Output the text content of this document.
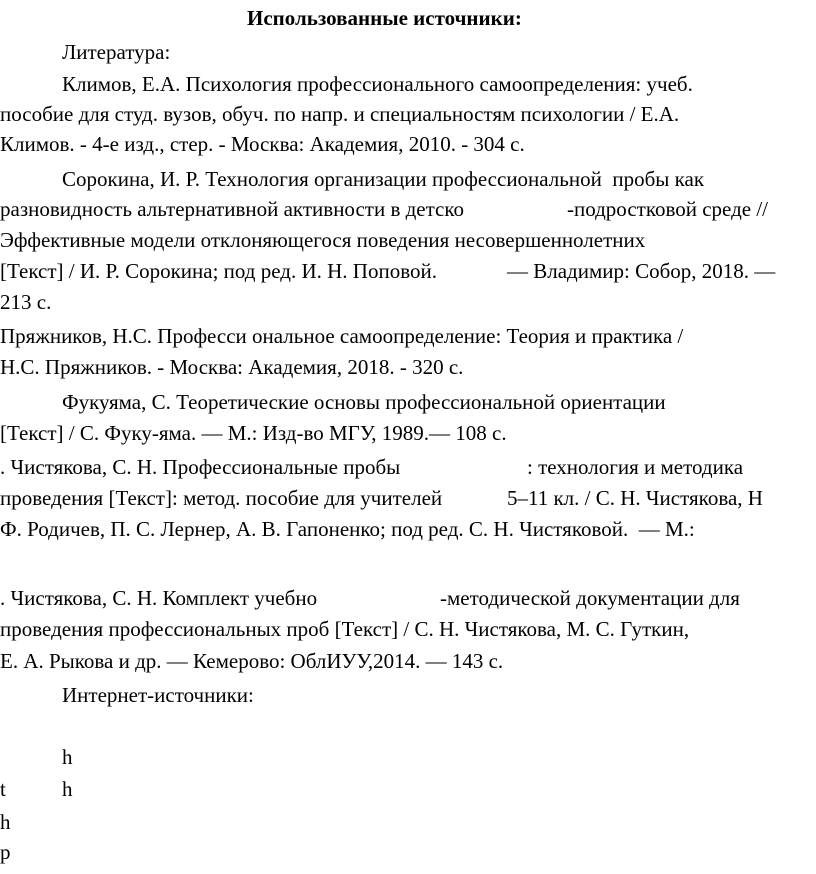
Использованные источники:
Литература:
Климов, Е.А. Психология профессионального самоопределения: учеб.
пособие для студ. вузов, обуч. по напр. и специальностям психологии / Е.А.
Климов. - 4-е изд., стер. - Москва: Академия, 2010. - 304 с.
Сорокина, И. Р. Технология организации профессиональной  пробы как
разновидность альтернативной активности в детско	-подростковой среде //
Эффективные модели отклоняющегося поведения несовершеннолетних
[Текст] / И. Р. Сорокина; под ред. И. Н. Поповой.	— Владимир: Собор, 2018. —
213 с.
Пряжников, Н.С. Професси ональное самоопределение: Теория и практика /
Н.С. Пряжников. - Москва: Академия, 2018. - 320 с.
Фукуяма, С. Теоретические основы профессиональной ориентации
[Текст] / С. Фуку-яма. — М.: Изд-во МГУ, 1989.— 108 с.
. Чистякова, С. Н. Профессиональные пробы	: технология и методика
проведения [Текст]: метод. пособие для учителей	5–11 кл. / С. Н. Чистякова, Н
Ф. Родичев, П. С. Лернер, А. В. Гапоненко; под ред. С. Н. Чистяковой.  — М.:
. Чистякова, С. Н. Комплект учебно	-методической документации для
проведения профессиональных проб [Текст] / С. Н. Чистякова, М. С. Гуткин,
Е. А. Рыкова и др. — Кемерово: ОблИУУ,2014. — 143 с.
Интернет-источники:
h
t	h
h
p
